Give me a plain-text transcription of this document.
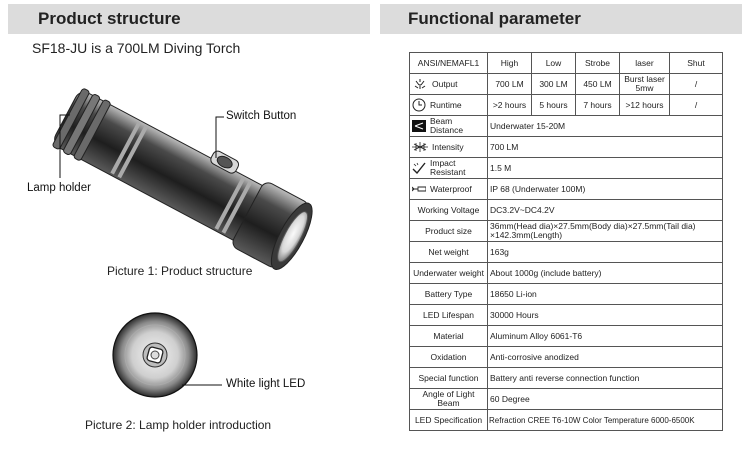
Product structure	Functional parameter
SF18-JU is a 700LM Diving Torch
Switch Button
Lamp holder
White light LED
Picture 1: Product structure
Picture 2: Lamp holder introduction
ANSI/NEMAFL1	High	Low	Strobe	laser	Shut

Output	700 LM	300 LM	450 LM	Burst laser 5mw	/

Runtime	>2 hours	5 hours	7 hours	>12 hours	/

Beam Distance	Underwater 15-20M				

Intensity	700 LM				

Impact Resistant	1.5 M				

Waterproof	IP 68 (Underwater 100M)				
Working Voltage	DC3.2V~DC4.2V				
Product size	36mm(Head dia)×27.5mm(Body dia)×27.5mm(Tail dia) ×142.3mm(Length)				
Net weight	163g				
Underwater weight	About 1000g (include battery)				
Battery Type	18650 Li-ion				
LED Lifespan	30000 Hours				
Material	Aluminum Alloy 6061-T6				
Oxidation	Anti-corrosive anodized				
Special function	Battery anti reverse connection function				
Angle of Light Beam	60 Degree				
LED Specification	Refraction CREE T6-10W Color Temperature 6000-6500K				
